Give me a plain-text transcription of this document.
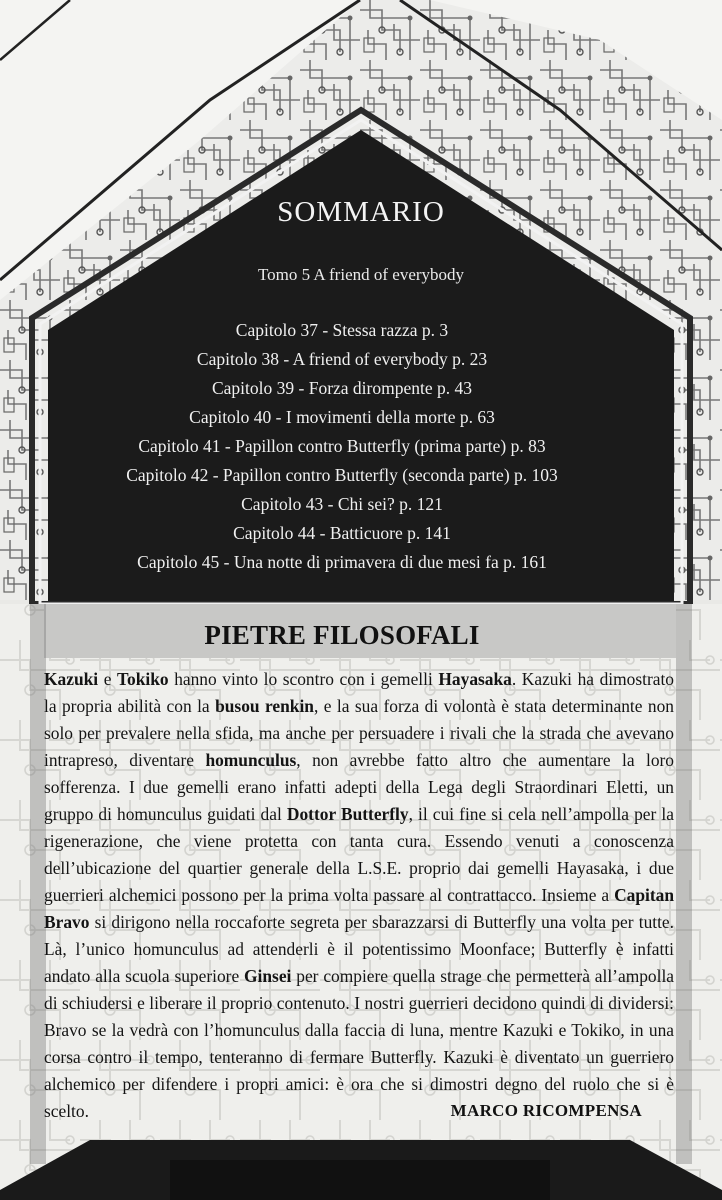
SOMMARIO
Tomo 5 A friend of everybody
Capitolo 37 - Stessa razza p. 3
Capitolo 38 - A friend of everybody p. 23
Capitolo 39 - Forza dirompente p. 43
Capitolo 40 - I movimenti della morte p. 63
Capitolo 41 - Papillon contro Butterfly (prima parte) p. 83
Capitolo 42 - Papillon contro Butterfly (seconda parte) p. 103
Capitolo 43 - Chi sei? p. 121
Capitolo 44 - Batticuore p. 141
Capitolo 45 - Una notte di primavera di due mesi fa p. 161
PIETRE FILOSOFALI

Kazuki e Tokiko hanno vinto lo scontro con i gemelli Hayasaka. Kazuki ha dimostrato la propria abilità con la busou renkin, e la sua forza di volontà è stata determinante non solo per prevalere nella sfida, ma anche per persuadere i rivali che la strada che avevano intrapreso, diventare homunculus, non avrebbe fatto altro che aumentare la loro sofferenza. I due gemelli erano infatti adepti della Lega degli Straordinari Eletti, un gruppo di homunculus guidati dal Dottor Butterfly, il cui fine si cela nell’ampolla per la rigenerazione, che viene protetta con tanta cura. Essendo venuti a conoscenza dell’ubicazione del quartier generale della L.S.E. proprio dai gemelli Hayasaka, i due guerrieri alchemici possono per la prima volta passare al contrattacco. Insieme a Capitan Bravo si dirigono nella roccaforte segreta per sbarazzarsi di Butterfly una volta per tutte. Là, l’unico homunculus ad attenderli è il potentissimo Moonface; Butterfly è infatti andato alla scuola superiore Ginsei per compiere quella strage che permetterà all’ampolla di schiudersi e liberare il proprio contenuto. I nostri guerrieri decidono quindi di dividersi: Bravo se la vedrà con l’homunculus dalla faccia di luna, mentre Kazuki e Tokiko, in una corsa contro il tempo, tenteranno di fermare Butterfly. Kazuki è diventato un guerriero alchemico per difendere i propri amici: è ora che si dimostri degno del ruolo che si è scelto.	MARCO RICOMPENSA
